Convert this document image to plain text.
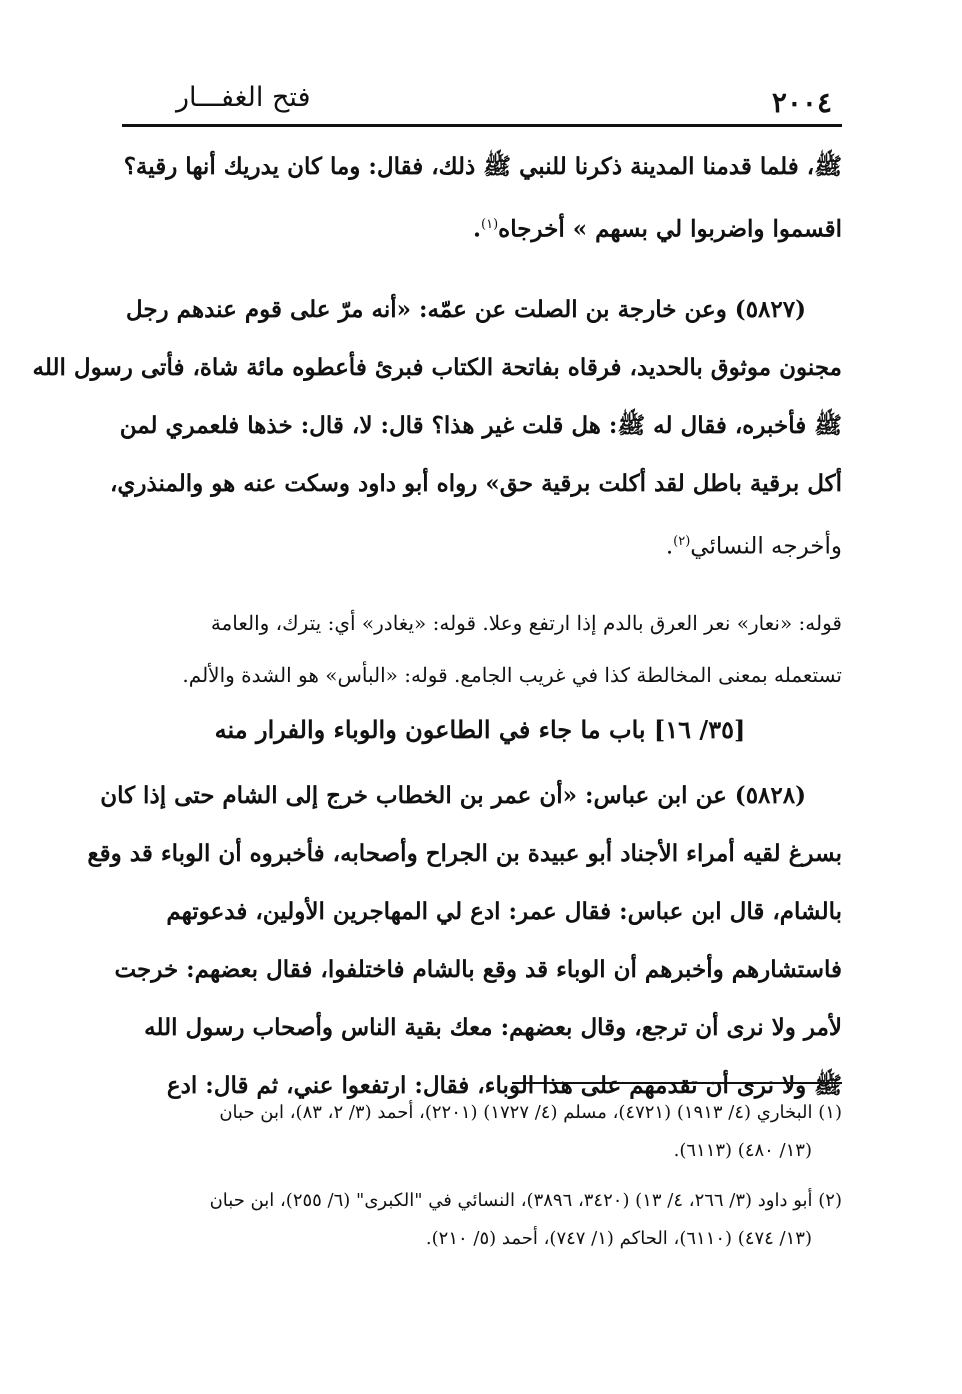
٢٠٠٤
فتح الغفـــار
ﷺ، فلما قدمنا المدينة ذكرنا للنبي ﷺ ذلك، فقال: وما كان يدريك أنها رقية؟
اقسموا واضربوا لي بسهم » أخرجاه$^{(١)}$.
(٥٨٢٧) وعن خارجة بن الصلت عن عمّه: «أنه مرّ على قوم عندهم رجل
مجنون موثوق بالحديد، فرقاه بفاتحة الكتاب فبرئ فأعطوه مائة شاة، فأتى رسول الله
ﷺ فأخبره، فقال له ﷺ: هل قلت غير هذا؟ قال: لا، قال: خذها فلعمري لمن
أكل برقية باطل لقد أكلت برقية حق» رواه أبو داود وسكت عنه هو والمنذري،
وأخرجه النسائي$^{(٢)}$.
قوله: «نعار» نعر العرق بالدم إذا ارتفع وعلا. قوله: «يغادر» أي: يترك، والعامة
تستعمله بمعنى المخالطة كذا في غريب الجامع. قوله: «البأس» هو الشدة والألم.
[٣٥/ ١٦] باب ما جاء في الطاعون والوباء والفرار منه
(٥٨٢٨) عن ابن عباس: «أن عمر بن الخطاب خرج إلى الشام حتى إذا كان
بسرغ لقيه أمراء الأجناد أبو عبيدة بن الجراح وأصحابه، فأخبروه أن الوباء قد وقع
بالشام، قال ابن عباس: فقال عمر: ادع لي المهاجرين الأولين، فدعوتهم
فاستشارهم وأخبرهم أن الوباء قد وقع بالشام فاختلفوا، فقال بعضهم: خرجت
لأمر ولا نرى أن ترجع، وقال بعضهم: معك بقية الناس وأصحاب رسول الله
ﷺ ولا نرى أن تقدمهم على هذا الوباء، فقال: ارتفعوا عني، ثم قال: ادع
(١) البخاري (٤/ ١٩١٣) (٤٧٢١)، مسلم (٤/ ١٧٢٧) (٢٢٠١)، أحمد (٣/ ٢، ٨٣)، ابن حبان
(١٣/ ٤٨٠) (٦١١٣).
(٢) أبو داود (٣/ ٢٦٦، ٤/ ١٣) (٣٤٢٠، ٣٨٩٦)، النسائي في "الكبرى" (٦/ ٢٥٥)، ابن حبان
(١٣/ ٤٧٤) (٦١١٠)، الحاكم (١/ ٧٤٧)، أحمد (٥/ ٢١٠).
